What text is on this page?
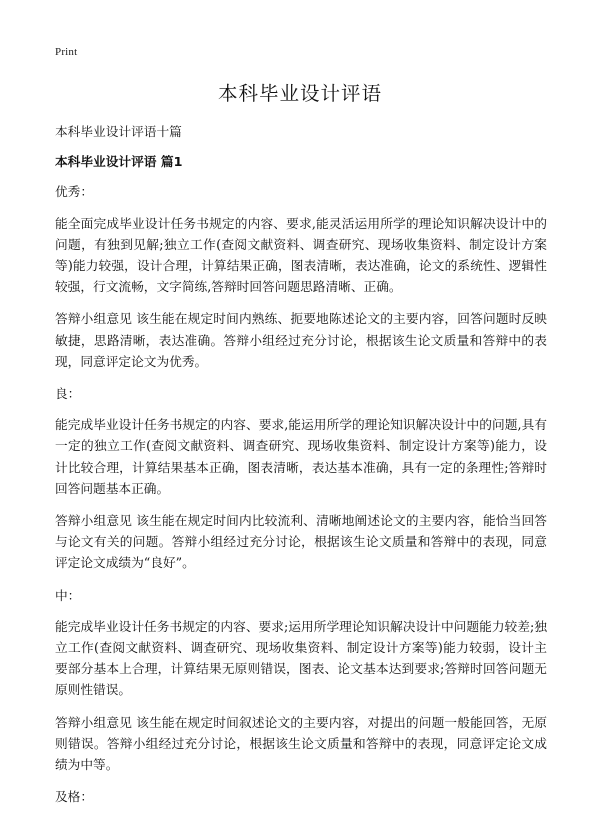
Print
本科毕业设计评语

本科毕业设计评语十篇

本科毕业设计评语 篇1

优秀：

能全面完成毕业设计任务书规定的内容、要求,能灵活运用所学的理论知识解决设计中的问题，有独到见解;独立工作(查阅文献资料、调查研究、现场收集资料、制定设计方案等)能力较强，设计合理，计算结果正确，图表清晰，表达准确，论文的系统性、逻辑性较强，行文流畅，文字简练,答辩时回答问题思路清晰、正确。

答辩小组意见 该生能在规定时间内熟练、扼要地陈述论文的主要内容，回答问题时反映敏捷，思路清晰，表达准确。答辩小组经过充分讨论，根据该生论文质量和答辩中的表现，同意评定论文为优秀。

良：

能完成毕业设计任务书规定的内容、要求,能运用所学的理论知识解决设计中的问题,具有一定的独立工作(查阅文献资料、调查研究、现场收集资料、制定设计方案等)能力，设计比较合理，计算结果基本正确，图表清晰，表达基本准确，具有一定的条理性;答辩时回答问题基本正确。

答辩小组意见 该生能在规定时间内比较流利、清晰地阐述论文的主要内容，能恰当回答与论文有关的问题。答辩小组经过充分讨论，根据该生论文质量和答辩中的表现，同意评定论文成绩为“良好”。

中：

能完成毕业设计任务书规定的内容、要求;运用所学理论知识解决设计中问题能力较差;独立工作(查阅文献资料、调查研究、现场收集资料、制定设计方案等)能力较弱，设计主要部分基本上合理，计算结果无原则错误，图表、论文基本达到要求;答辩时回答问题无原则性错误。

答辩小组意见 该生能在规定时间叙述论文的主要内容，对提出的问题一般能回答，无原则错误。答辩小组经过充分讨论，根据该生论文质量和答辩中的表现，同意评定论文成绩为中等。

及格：
